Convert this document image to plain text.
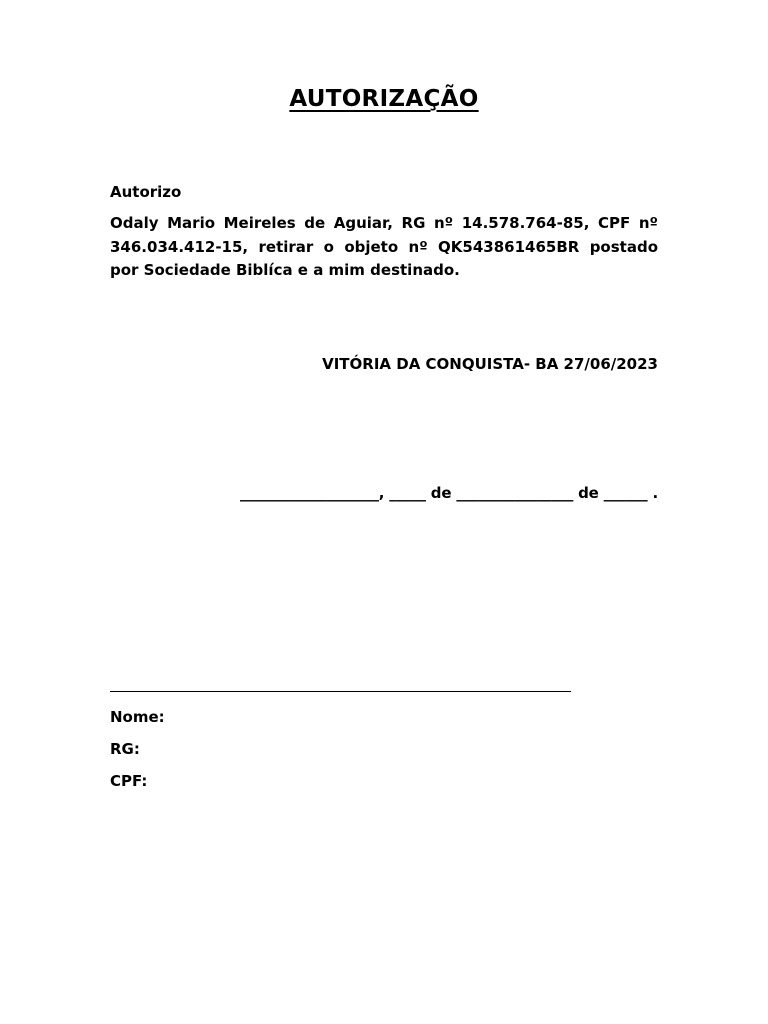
AUTORIZAÇÃO
Autorizo
Odaly Mario Meireles de Aguiar, RG nº 14.578.764-85, CPF nº 346.034.412-15, retirar o objeto nº QK543861465BR postado por Sociedade Biblíca e a mim destinado.
VITÓRIA DA CONQUISTA- BA 27/06/2023
___________________, _____ de ________________ de ______ .
Nome:
RG:
CPF:
